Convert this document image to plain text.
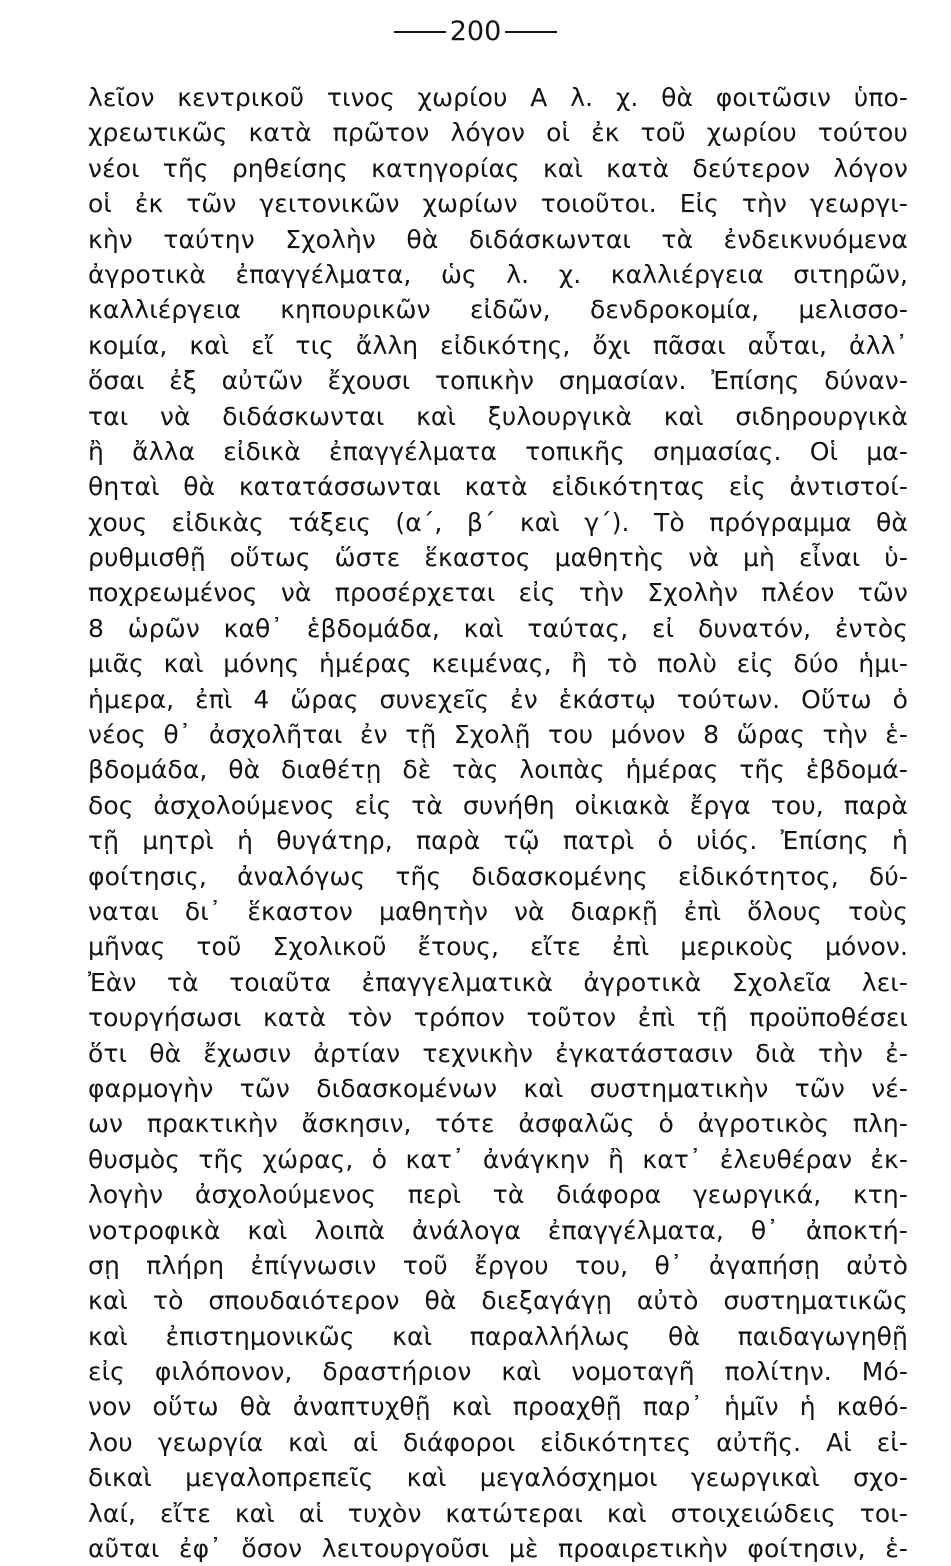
200
λεῖον κεντρικοῦ τινος χωρίου Α λ. χ. θὰ φοιτῶσιν ὑπο-
χρεωτικῶς κατὰ πρῶτον λόγον οἱ ἐκ τοῦ χωρίου τούτου
νέοι τῆς ρηθείσης κατηγορίας καὶ κατὰ δεύτερον λόγον
οἱ ἐκ τῶν γειτονικῶν χωρίων τοιοῦτοι. Εἰς τὴν γεωργι-
κὴν ταύτην Σχολὴν θὰ διδάσκωνται τὰ ἐνδεικνυόμενα
ἀγροτικὰ ἐπαγγέλματα, ὡς λ. χ. καλλιέργεια σιτηρῶν,
καλλιέργεια κηπουρικῶν εἰδῶν, δενδροκομία, μελισσο-
κομία, καὶ εἴ τις ἄλλη εἰδικότης, ὄχι πᾶσαι αὗται, ἀλλ᾿
ὅσαι ἐξ αὐτῶν ἔχουσι τοπικὴν σημασίαν. Ἐπίσης δύναν-
ται νὰ διδάσκωνται καὶ ξυλουργικὰ καὶ σιδηρουργικὰ
ἢ ἄλλα εἰδικὰ ἐπαγγέλματα τοπικῆς σημασίας. Οἱ μα-
θηταὶ θὰ κατατάσσωνται κατὰ εἰδικότητας εἰς ἀντιστοί-
χους εἰδικὰς τάξεις (α΄, β΄ καὶ γ΄). Τὸ πρόγραμμα θὰ
ρυθμισθῇ οὕτως ὥστε ἕκαστος μαθητὴς νὰ μὴ εἶναι ὑ-
ποχρεωμένος νὰ προσέρχεται εἰς τὴν Σχολὴν πλέον τῶν
8 ὡρῶν καθ᾿ ἑβδομάδα, καὶ ταύτας, εἰ δυνατόν, ἐντὸς
μιᾶς καὶ μόνης ἡμέρας κειμένας, ἢ τὸ πολὺ εἰς δύο ἡμι-
ἡμερα, ἐπὶ 4 ὥρας συνεχεῖς ἐν ἑκάστῳ τούτων. Οὕτω ὁ
νέος θ᾿ ἀσχολῆται ἐν τῇ Σχολῇ του μόνον 8 ὥρας τὴν ἑ-
βδομάδα, θὰ διαθέτῃ δὲ τὰς λοιπὰς ἡμέρας τῆς ἑβδομά-
δος ἀσχολούμενος εἰς τὰ συνήθη οἰκιακὰ ἔργα του, παρὰ
τῇ μητρὶ ἡ θυγάτηρ, παρὰ τῷ πατρὶ ὁ υἱός. Ἐπίσης ἡ
φοίτησις, ἀναλόγως τῆς διδασκομένης εἰδικότητος, δύ-
ναται δι᾿ ἕκαστον μαθητὴν νὰ διαρκῇ ἐπὶ ὅλους τοὺς
μῆνας τοῦ Σχολικοῦ ἔτους, εἴτε ἐπὶ μερικοὺς μόνον.
Ἐὰν τὰ τοιαῦτα ἐπαγγελματικὰ ἀγροτικὰ Σχολεῖα λει-
τουργήσωσι κατὰ τὸν τρόπον τοῦτον ἐπὶ τῇ προϋποθέσει
ὅτι θὰ ἔχωσιν ἀρτίαν τεχνικὴν ἐγκατάστασιν διὰ τὴν ἐ-
φαρμογὴν τῶν διδασκομένων καὶ συστηματικὴν τῶν νέ-
ων πρακτικὴν ἄσκησιν, τότε ἀσφαλῶς ὁ ἀγροτικὸς πλη-
θυσμὸς τῆς χώρας, ὁ κατ᾿ ἀνάγκην ἢ κατ᾿ ἐλευθέραν ἐκ-
λογὴν ἀσχολούμενος περὶ τὰ διάφορα γεωργικά, κτη-
νοτροφικὰ καὶ λοιπὰ ἀνάλογα ἐπαγγέλματα, θ᾿ ἀποκτή-
σῃ πλήρη ἐπίγνωσιν τοῦ ἔργου του, θ᾿ ἀγαπήσῃ αὐτὸ
καὶ τὸ σπουδαιότερον θὰ διεξαγάγῃ αὐτὸ συστηματικῶς
καὶ ἐπιστημονικῶς καὶ παραλλήλως θὰ παιδαγωγηθῇ
εἰς φιλόπονον, δραστήριον καὶ νομοταγῆ πολίτην. Μό-
νον οὕτω θὰ ἀναπτυχθῇ καὶ προαχθῇ παρ᾿ ἡμῖν ἡ καθό-
λου γεωργία καὶ αἱ διάφοροι εἰδικότητες αὐτῆς. Αἱ εἰ-
δικαὶ μεγαλοπρεπεῖς καὶ μεγαλόσχημοι γεωργικαὶ σχο-
λαί, εἴτε καὶ αἱ τυχὸν κατώτεραι καὶ στοιχειώδεις τοι-
αῦται ἐφ᾿ ὅσον λειτουργοῦσι μὲ προαιρετικὴν φοίτησιν, ἑ-
